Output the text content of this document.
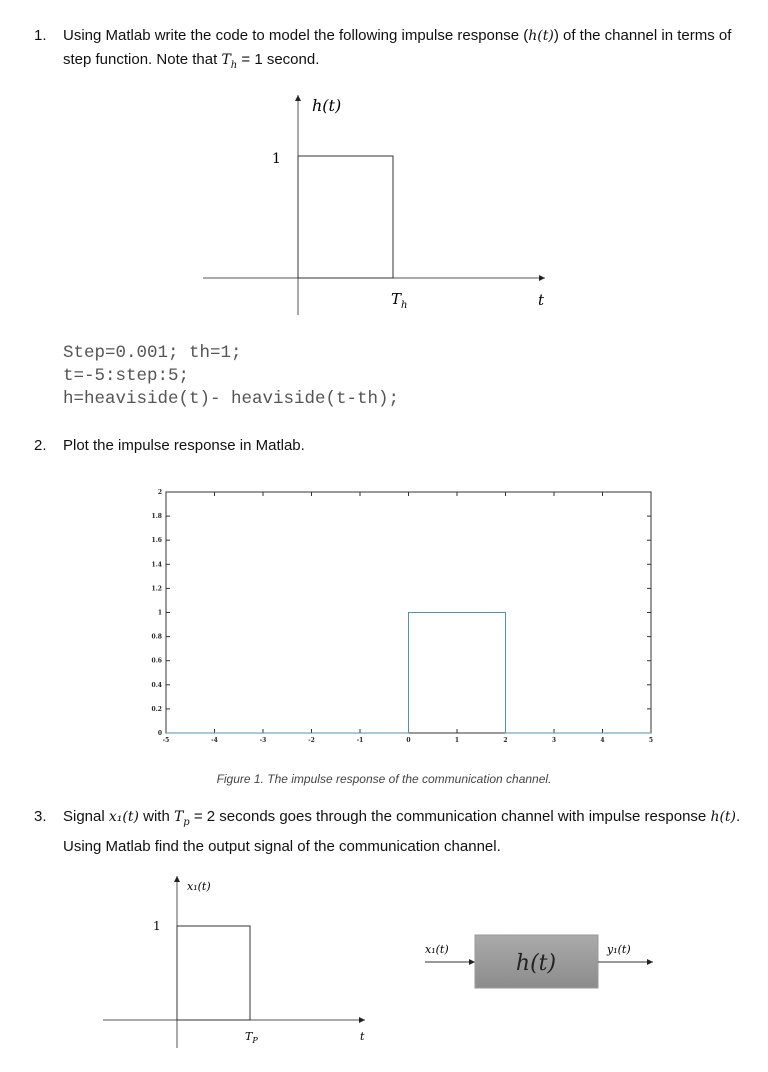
1. Using Matlab write the code to model the following impulse response (h(t)) of the channel in terms of step function. Note that $T_h = 1$ second.
h(t)
1
$T_h$	t
Step=0.001; th=1;
t=-5:step:5;
h=heaviside(t)- heaviside(t-th);
2. Plot the impulse response in Matlab.
0
0.2
0.4
0.6
0.8
1
1.2
1.4
1.6
1.8
2
-5	-4	-3	-2	-1	0	1	2	3	4	5
Figure 1. The impulse response of the communication channel.
3. Signal x₁(t) with $T_p = 2$ seconds goes through the communication channel with impulse response h(t). Using Matlab find the output signal of the communication channel.
x₁(t)
1
$T_P$	t
x₁(t)
h(t)
y₁(t)
